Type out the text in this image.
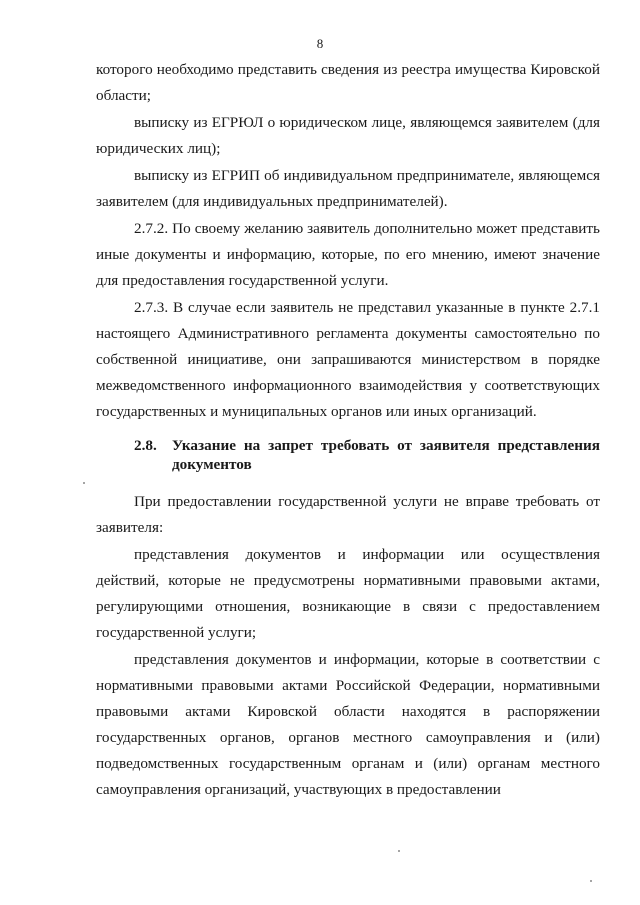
8

которого необходимо представить сведения из реестра имущества Кировской области;

выписку из ЕГРЮЛ о юридическом лице, являющемся заявителем (для юридических лиц);

выписку из ЕГРИП об индивидуальном предпринимателе, являющемся заявителем (для индивидуальных предпринимателей).

2.7.2. По своему желанию заявитель дополнительно может представить иные документы и информацию, которые, по его мнению, имеют значение для предоставления государственной услуги.

2.7.3. В случае если заявитель не представил указанные в пункте 2.7.1 настоящего Административного регламента документы самостоятельно по собственной инициативе, они запрашиваются министерством в порядке межведомственного информационного взаимодействия у соответствующих государственных и муниципальных органов или иных организаций.

2.8. Указание на запрет требовать от заявителя представления документов

При предоставлении государственной услуги не вправе требовать от заявителя:

представления документов и информации или осуществления действий, которые не предусмотрены нормативными правовыми актами, регулирующими отношения, возникающие в связи с предоставлением государственной услуги;

представления документов и информации, которые в соответствии с нормативными правовыми актами Российской Федерации, нормативными правовыми актами Кировской области находятся в распоряжении государственных органов, органов местного самоуправления и (или) подведомственных государственным органам и (или) органам местного самоуправления организаций, участвующих в предоставлении
